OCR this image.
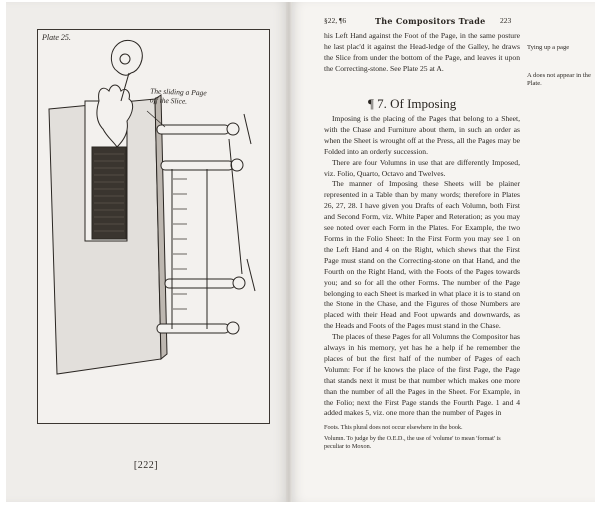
Plate 25.
The sliding a Page
off the Slice.
[222]
§22, ¶6	The Compositors Trade 223

his Left Hand against the Foot of the Page, in the same posture he last plac'd it against the Head-ledge of the Galley, he draws the Slice from under the bottom of the Page, and leaves it upon the Correcting-stone. See Plate 25 at A.

Tying up a page
A does not appear in the Plate.
¶ 7. Of Imposing

Imposing is the placing of the Pages that belong to a Sheet, with the Chase and Furniture about them, in such an order as when the Sheet is wrought off at the Press, all the Pages may be Folded into an orderly succession.

There are four Volumns in use that are differently Imposed, viz. Folio, Quarto, Octavo and Twelves.

The manner of Imposing these Sheets will be plainer represented in a Table than by many words; therefore in Plates 26, 27, 28. I have given you Drafts of each Volumn, both First and Second Form, viz. White Paper and Reteration; as you may see noted over each Form in the Plates. For Example, the two Forms in the Folio Sheet: In the First Form you may see 1 on the Left Hand and 4 on the Right, which shews that the First Page must stand on the Correcting-stone on that Hand, and the Fourth on the Right Hand, with the Foots of the Pages towards you; and so for all the other Forms. The number of the Page belonging to each Sheet is marked in what place it is to stand on the Stone in the Chase, and the Figures of those Numbers are placed with their Head and Foot upwards and downwards, as the Heads and Foots of the Pages must stand in the Chase.

The places of these Pages for all Volumns the Compositor has always in his memory, yet has he a help if he remember the places of but the first half of the number of Pages of each Volumn: For if he knows the place of the first Page, the Page that stands next it must be that number which makes one more than the number of all the Pages in the Sheet. For Example, in the Folio; next the First Page stands the Fourth Page. 1 and 4 added makes 5, viz. one more than the number of Pages in

Foots. This plural does not occur elsewhere in the book.

Volumn. To judge by the O.E.D., the use of 'volume' to mean 'format' is peculiar to Moxon.
